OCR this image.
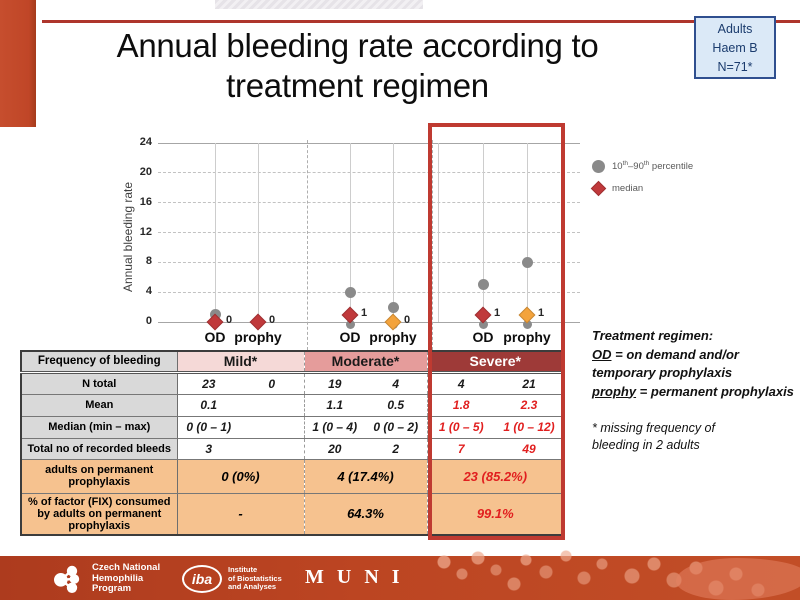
Annual bleeding rate according to treatment regimen
Adults
Haem B
N=71*
Annual bleeding rate
0
4
8
12
16
20
24
0
OD
0
prophy
1
OD
0
prophy
1
OD
1
prophy
10th–90th percentile
median
Frequency of bleeding	Mild*		Moderate*		Severe*	
N total	23	0	19	4	4	21
Mean	0.1		1.1	0.5	1.8	2.3
Median (min – max)	0 (0 – 1)		1 (0 – 4)	0 (0 – 2)	1 (0 – 5)	1 (0 – 12)
Total no of recorded bleeds	3		20	2	7	49
adults on permanent prophylaxis	0 (0%)		4 (17.4%)		23 (85.2%)	
% of factor (FIX) consumed by adults on permanent prophylaxis	-		64.3%		99.1%	
Treatment regimen:
OD = on demand and/or
temporary prophylaxis
prophy = permanent prophylaxis
* missing frequency of
bleeding in 2 adults
Czech National
Hemophilia
Program
iba
Institute
of Biostatistics
and Analyses M U N I
